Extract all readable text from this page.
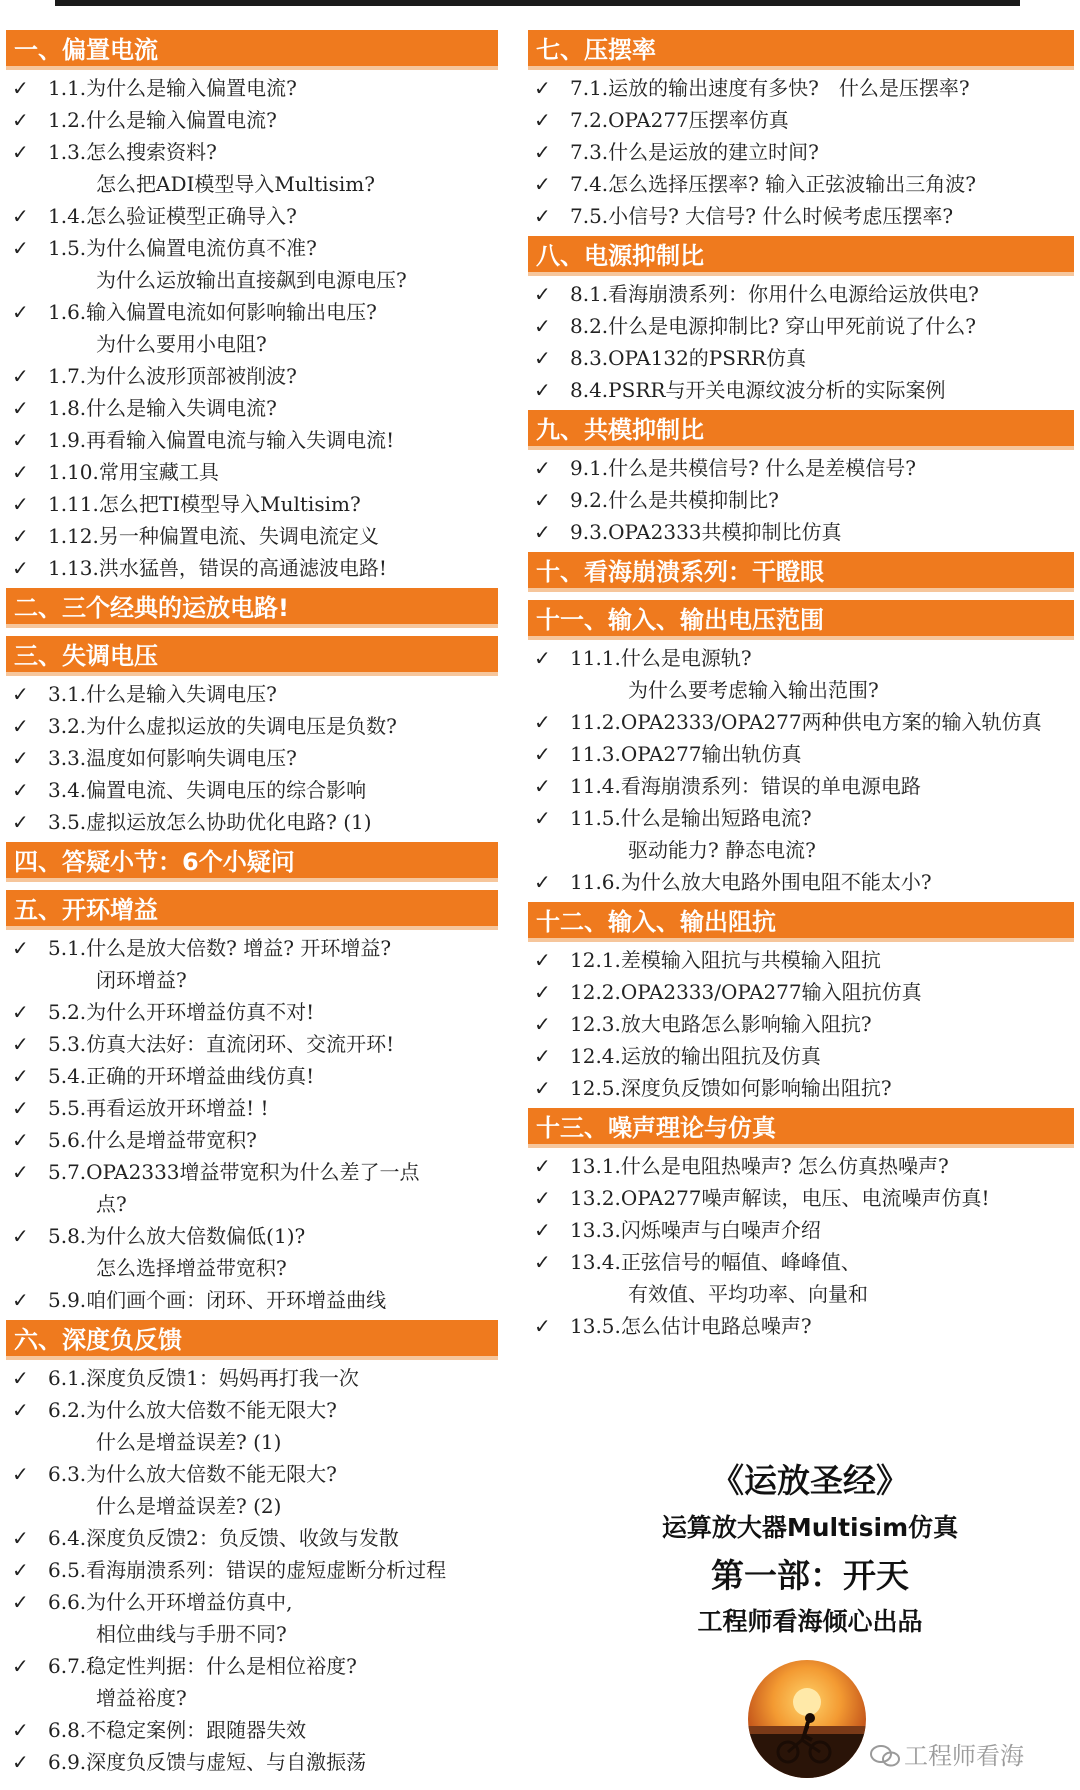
一、偏置电流
✓ 1.1.为什么是输入偏置电流?
✓ 1.2.什么是输入偏置电流?
✓ 1.3.怎么搜索资料?
怎么把ADI模型导入Multisim?
✓ 1.4.怎么验证模型正确导入?
✓ 1.5.为什么偏置电流仿真不准?
为什么运放输出直接飙到电源电压?
✓ 1.6.输入偏置电流如何影响输出电压?
为什么要用小电阻?
✓ 1.7.为什么波形顶部被削波?
✓ 1.8.什么是输入失调电流?
✓ 1.9.再看输入偏置电流与输入失调电流!
✓ 1.10.常用宝藏工具
✓ 1.11.怎么把TI模型导入Multisim?
✓ 1.12.另一种偏置电流、失调电流定义
✓ 1.13.洪水猛兽，错误的高通滤波电路!
二、三个经典的运放电路!
三、失调电压
✓ 3.1.什么是输入失调电压?
✓ 3.2.为什么虚拟运放的失调电压是负数?
✓ 3.3.温度如何影响失调电压?
✓ 3.4.偏置电流、失调电压的综合影响
✓ 3.5.虚拟运放怎么协助优化电路? (1)
四、答疑小节：6个小疑问
五、开环增益
✓ 5.1.什么是放大倍数? 增益? 开环增益?
闭环增益?
✓ 5.2.为什么开环增益仿真不对!
✓ 5.3.仿真大法好：直流闭环、交流开环!
✓ 5.4.正确的开环增益曲线仿真!
✓ 5.5.再看运放开环增益! !
✓ 5.6.什么是增益带宽积?
✓ 5.7.OPA2333增益带宽积为什么差了一点
点?
✓ 5.8.为什么放大倍数偏低(1)?
怎么选择增益带宽积?
✓ 5.9.咱们画个画：闭环、开环增益曲线
六、深度负反馈
✓ 6.1.深度负反馈1：妈妈再打我一次
✓ 6.2.为什么放大倍数不能无限大?
什么是增益误差? (1)
✓ 6.3.为什么放大倍数不能无限大?
什么是增益误差? (2)
✓ 6.4.深度负反馈2：负反馈、收敛与发散
✓ 6.5.看海崩溃系列：错误的虚短虚断分析过程
✓ 6.6.为什么开环增益仿真中,
相位曲线与手册不同?
✓ 6.7.稳定性判据：什么是相位裕度?
增益裕度?
✓ 6.8.不稳定案例：跟随器失效
✓ 6.9.深度负反馈与虚短、与自激振荡
七、压摆率
✓ 7.1.运放的输出速度有多快?　什么是压摆率?
✓ 7.2.OPA277压摆率仿真
✓ 7.3.什么是运放的建立时间?
✓ 7.4.怎么选择压摆率? 输入正弦波输出三角波?
✓ 7.5.小信号? 大信号? 什么时候考虑压摆率?
八、电源抑制比
✓ 8.1.看海崩溃系列：你用什么电源给运放供电?
✓ 8.2.什么是电源抑制比? 穿山甲死前说了什么?
✓ 8.3.OPA132的PSRR仿真
✓ 8.4.PSRR与开关电源纹波分析的实际案例
九、共模抑制比
✓ 9.1.什么是共模信号? 什么是差模信号?
✓ 9.2.什么是共模抑制比?
✓ 9.3.OPA2333共模抑制比仿真
十、看海崩溃系列：干瞪眼
十一、输入、输出电压范围
✓ 11.1.什么是电源轨?
为什么要考虑输入输出范围?
✓ 11.2.OPA2333/OPA277两种供电方案的输入轨仿真
✓ 11.3.OPA277输出轨仿真
✓ 11.4.看海崩溃系列：错误的单电源电路
✓ 11.5.什么是输出短路电流?
驱动能力? 静态电流?
✓ 11.6.为什么放大电路外围电阻不能太小?
十二、输入、输出阻抗
✓ 12.1.差模输入阻抗与共模输入阻抗
✓ 12.2.OPA2333/OPA277输入阻抗仿真
✓ 12.3.放大电路怎么影响输入阻抗?
✓ 12.4.运放的输出阻抗及仿真
✓ 12.5.深度负反馈如何影响输出阻抗?
十三、噪声理论与仿真
✓ 13.1.什么是电阻热噪声? 怎么仿真热噪声?
✓ 13.2.OPA277噪声解读，电压、电流噪声仿真!
✓ 13.3.闪烁噪声与白噪声介绍
✓ 13.4.正弦信号的幅值、峰峰值、
有效值、平均功率、向量和
✓ 13.5.怎么估计电路总噪声?
《运放圣经》
运算放大器Multisim仿真
第一部：开天
工程师看海倾心出品
工程师看海
